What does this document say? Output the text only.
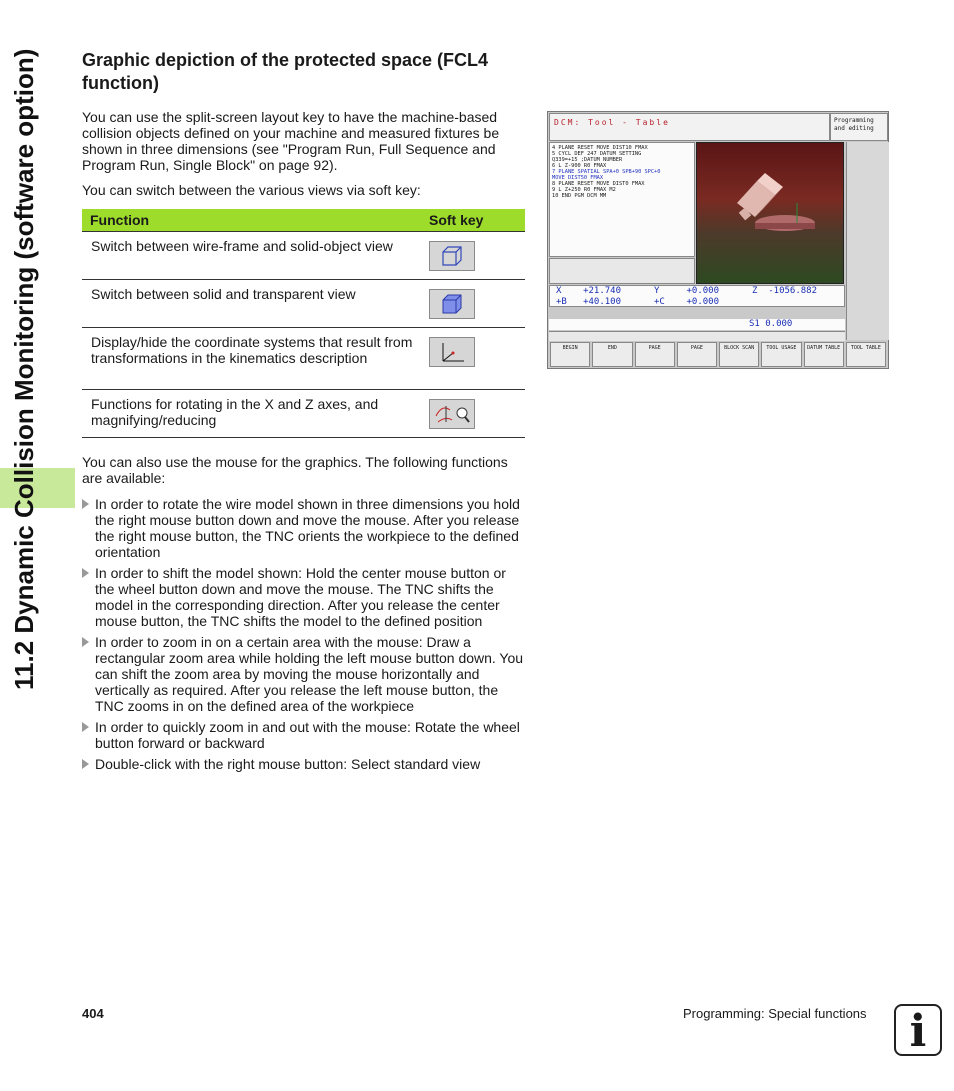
11.2 Dynamic Collision Monitoring (software option) Graphic depiction of the protected space (FCL4 function)

You can use the split-screen layout key to have the machine-based collision objects defined on your machine and measured fixtures be shown in three dimensions (see "Program Run, Full Sequence and Program Run, Single Block" on page 92).

You can switch between the various views via soft key:

Function	Soft key
Switch between wire-frame and solid-object view	

Switch between solid and transparent view	

Display/hide the coordinate systems that result from transformations in the kinematics description	

Functions for rotating in the X and Z axes, and magnifying/reducing	

You can also use the mouse for the graphics. The following functions are available:

In order to rotate the wire model shown in three dimensions you hold the right mouse button down and move the mouse. After you release the right mouse button, the TNC orients the workpiece to the defined orientation
In order to shift the model shown: Hold the center mouse button or the wheel button down and move the mouse. The TNC shifts the model in the corresponding direction. After you release the center mouse button, the TNC shifts the model to the defined position
In order to zoom in on a certain area with the mouse: Draw a rectangular zoom area while holding the left mouse button down. You can shift the zoom area by moving the mouse horizontally and vertically as required. After you release the left mouse button, the TNC zooms in on the defined area of the workpiece
In order to quickly zoom in and out with the mouse: Rotate the wheel button forward or backward
Double-click with the right mouse button: Select standard view
DCM: Tool - Table	Programming and editing
4 PLANE RESET MOVE DIST10 FMAX
5 CYCL DEF 247 DATUM SETTING
Q339=+15 ;DATUM NUMBER
6 L Z-900 R0 FMAX
7 PLANE SPATIAL SPA+0 SPB+90 SPC+0
MOVE DIST50 FMAX
8 PLANE RESET MOVE DIST0 FMAX
9 L Z+250 R0 FMAX M2
10 END PGM DCM MM
X    +21.740	Y     +0.000	Z  -1056.882
+B   +40.100	+C    +0.000
S1 0.000
BEGIN	END	PAGE	PAGE	BLOCK SCAN	TOOL USAGE	DATUM TABLE	TOOL TABLE
404	Programming: Special functions i
